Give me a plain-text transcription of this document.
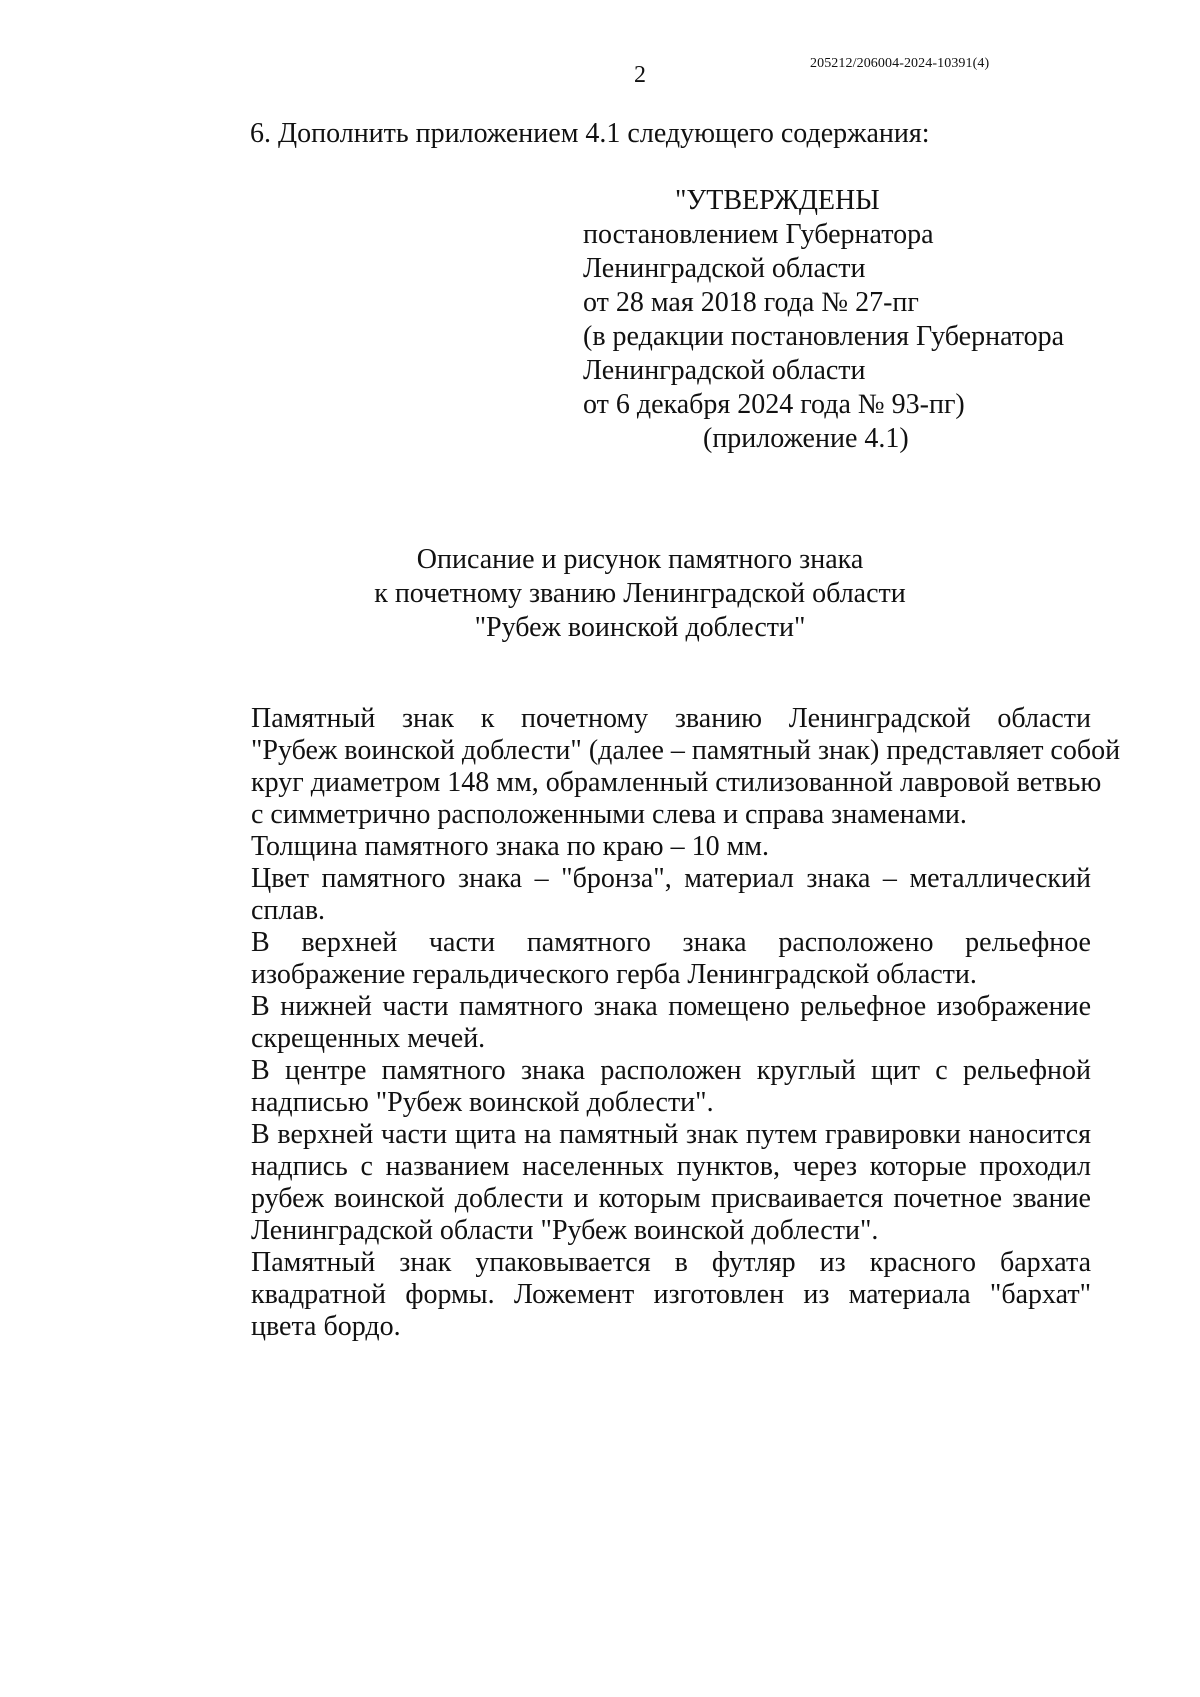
2	205212/206004-2024-10391(4)
6. Дополнить приложением 4.1 следующего содержания:
"УТВЕРЖДЕНЫ
постановлением Губернатора
Ленинградской области
от 28 мая 2018 года № 27-пг
(в редакции постановления Губернатора
Ленинградской области
от 6 декабря 2024 года № 93-пг)
(приложение 4.1)
Описание и рисунок памятного знака
к почетному званию Ленинградской области
"Рубеж воинской доблести"

Памятный знак к почетному званию Ленинградской области
"Рубеж воинской доблести" (далее – памятный знак) представляет собой
круг диаметром 148 мм, обрамленный стилизованной лавровой ветвью
с симметрично расположенными слева и справа знаменами.

Толщина памятного знака по краю – 10 мм.

Цвет памятного знака – "бронза", материал знака – металлический
сплав.

В верхней части памятного знака расположено рельефное
изображение геральдического герба Ленинградской области.

В нижней части памятного знака помещено рельефное изображение
скрещенных мечей.

В центре памятного знака расположен круглый щит с рельефной
надписью "Рубеж воинской доблести".

В верхней части щита на памятный знак путем гравировки наносится
надпись с названием населенных пунктов, через которые проходил
рубеж воинской доблести и которым присваивается почетное звание
Ленинградской области "Рубеж воинской доблести".

Памятный знак упаковывается в футляр из красного бархата
квадратной формы. Ложемент изготовлен из материала "бархат"
цвета бордо.
